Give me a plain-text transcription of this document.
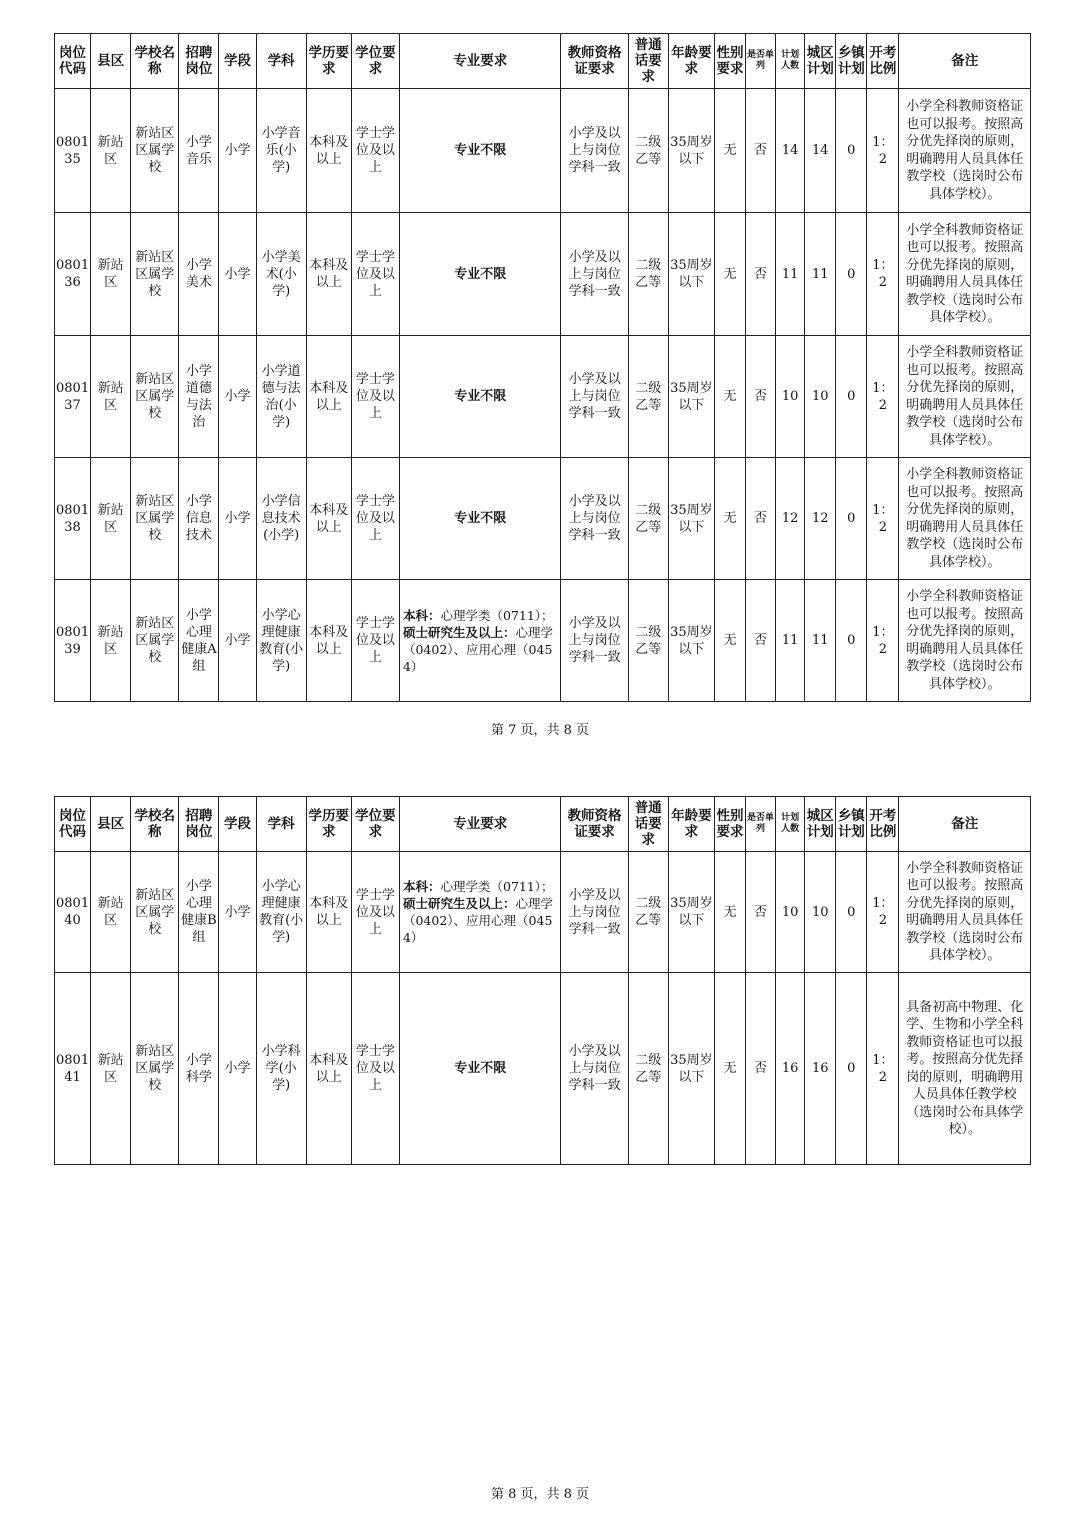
岗位代码	县区	学校名称	招聘岗位	学段	学科	学历要求	学位要求	专业要求	教师资格证要求	普通话要求	年龄要求	性别要求	是否单列	计划人数	城区计划	乡镇计划	开考比例	备注
080135	新站区	新站区区属学校	小学音乐	小学	小学音乐(小学)	本科及以上	学士学位及以上	专业不限	小学及以上与岗位学科一致	二级乙等	35周岁以下	无	否	14	14	0	1：2	小学全科教师资格证也可以报考。按照高分优先择岗的原则，明确聘用人员具体任教学校（选岗时公布具体学校）。
080136	新站区	新站区区属学校	小学美术	小学	小学美术(小学)	本科及以上	学士学位及以上	专业不限	小学及以上与岗位学科一致	二级乙等	35周岁以下	无	否	11	11	0	1：2	小学全科教师资格证也可以报考。按照高分优先择岗的原则，明确聘用人员具体任教学校（选岗时公布具体学校）。
080137	新站区	新站区区属学校	小学道德与法治	小学	小学道德与法治(小学)	本科及以上	学士学位及以上	专业不限	小学及以上与岗位学科一致	二级乙等	35周岁以下	无	否	10	10	0	1：2	小学全科教师资格证也可以报考。按照高分优先择岗的原则，明确聘用人员具体任教学校（选岗时公布具体学校）。
080138	新站区	新站区区属学校	小学信息技术	小学	小学信息技术(小学)	本科及以上	学士学位及以上	专业不限	小学及以上与岗位学科一致	二级乙等	35周岁以下	无	否	12	12	0	1：2	小学全科教师资格证也可以报考。按照高分优先择岗的原则，明确聘用人员具体任教学校（选岗时公布具体学校）。
080139	新站区	新站区区属学校	小学心理健康A组	小学	小学心理健康教育(小学)	本科及以上	学士学位及以上	本科：心理学类（0711）；硕士研究生及以上：心理学（0402）、应用心理（0454）	小学及以上与岗位学科一致	二级乙等	35周岁以下	无	否	11	11	0	1：2	小学全科教师资格证也可以报考。按照高分优先择岗的原则，明确聘用人员具体任教学校（选岗时公布具体学校）。
第 7 页，共 8 页
岗位代码	县区	学校名称	招聘岗位	学段	学科	学历要求	学位要求	专业要求	教师资格证要求	普通话要求	年龄要求	性别要求	是否单列	计划人数	城区计划	乡镇计划	开考比例	备注
080140	新站区	新站区区属学校	小学心理健康B组	小学	小学心理健康教育(小学)	本科及以上	学士学位及以上	本科：心理学类（0711）；硕士研究生及以上：心理学（0402）、应用心理（0454）	小学及以上与岗位学科一致	二级乙等	35周岁以下	无	否	10	10	0	1：2	小学全科教师资格证也可以报考。按照高分优先择岗的原则，明确聘用人员具体任教学校（选岗时公布具体学校）。
080141	新站区	新站区区属学校	小学科学	小学	小学科学(小学)	本科及以上	学士学位及以上	专业不限	小学及以上与岗位学科一致	二级乙等	35周岁以下	无	否	16	16	0	1：2	具备初高中物理、化学、生物和小学全科教师资格证也可以报考。按照高分优先择岗的原则，明确聘用人员具体任教学校（选岗时公布具体学校）。
第 8 页，共 8 页
